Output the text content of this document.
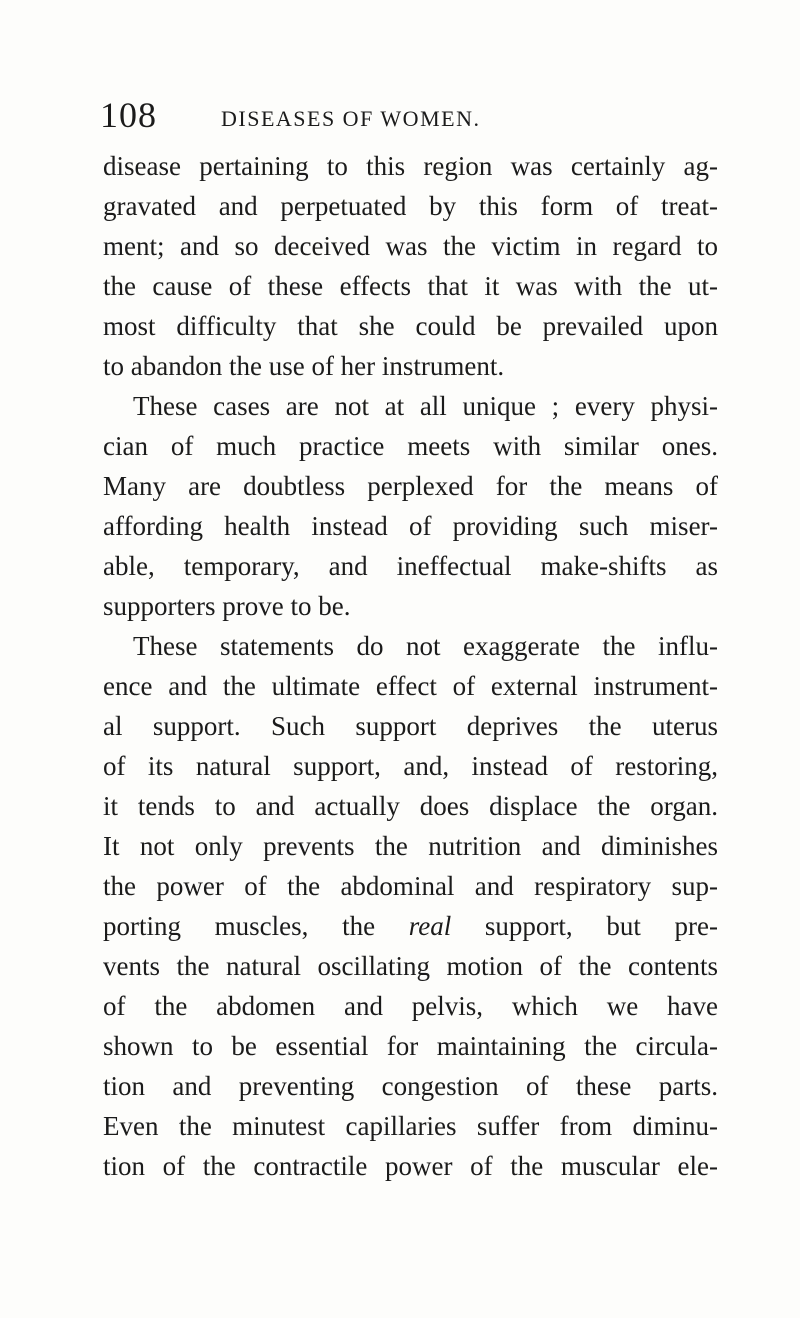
108	DISEASES OF WOMEN.
disease pertaining to this region was certainly ag-
gravated and perpetuated by this form of treat-
ment; and so deceived was the victim in regard to
the cause of these effects that it was with the ut-
most difficulty that she could be prevailed upon
to abandon the use of her instrument.
These cases are not at all unique ; every physi-
cian of much practice meets with similar ones.
Many are doubtless perplexed for the means of
affording health instead of providing such miser-
able, temporary, and ineffectual make-shifts as
supporters prove to be.
These statements do not exaggerate the influ-
ence and the ultimate effect of external instrument-
al support. Such support deprives the uterus
of its natural support, and, instead of restoring,
it tends to and actually does displace the organ.
It not only prevents the nutrition and diminishes
the power of the abdominal and respiratory sup-
porting muscles, the real support, but pre-
vents the natural oscillating motion of the contents
of the abdomen and pelvis, which we have
shown to be essential for maintaining the circula-
tion and preventing congestion of these parts.
Even the minutest capillaries suffer from diminu-
tion of the contractile power of the muscular ele-
